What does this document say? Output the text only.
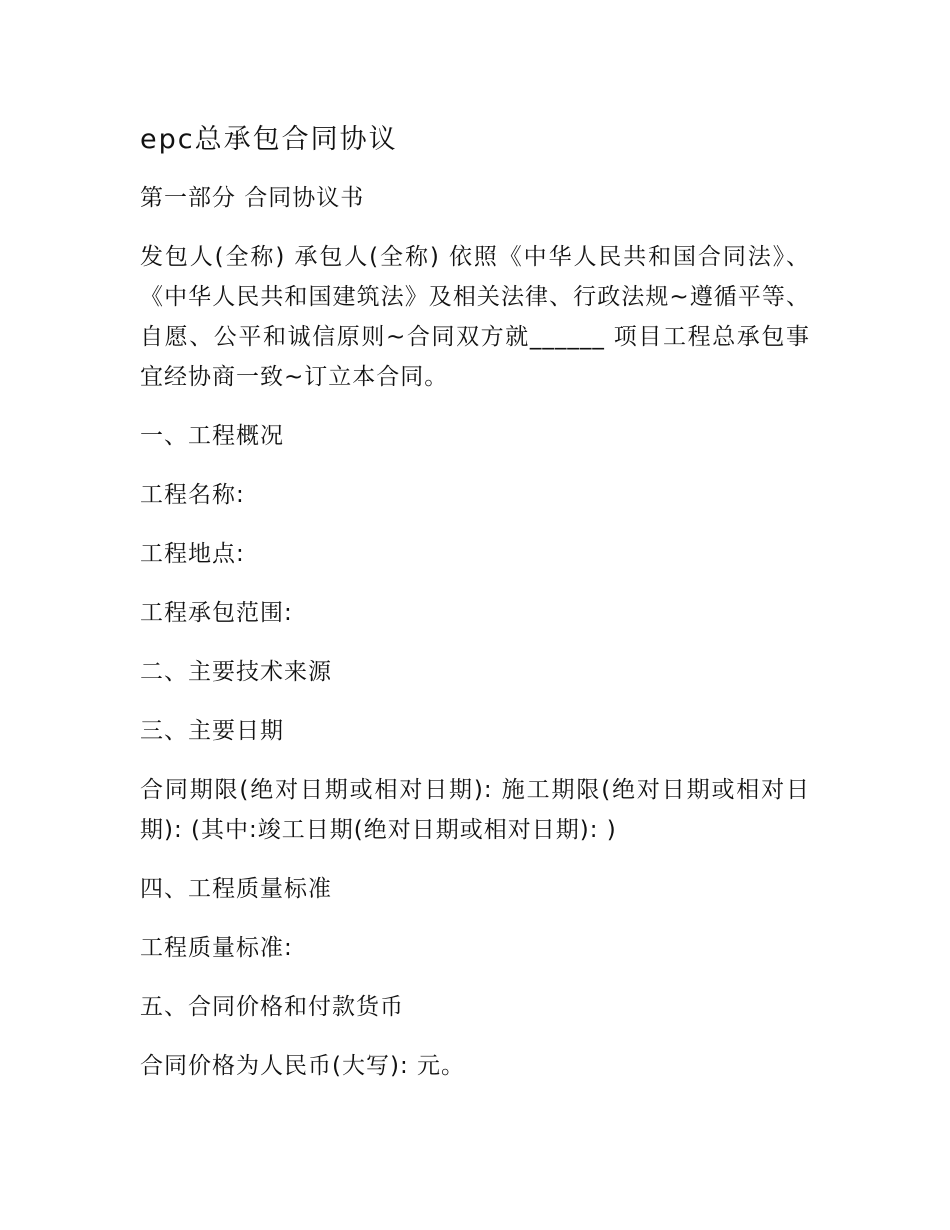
epc总承包合同协议

第一部分 合同协议书

发包人(全称) 承包人(全称) 依照《中华人民共和国合同法》、《中华人民共和国建筑法》及相关法律、行政法规~遵循平等、自愿、公平和诚信原则~合同双方就______ 项目工程总承包事宜经协商一致~订立本合同。

一、工程概况

工程名称:

工程地点:

工程承包范围:

二、主要技术来源

三、主要日期

合同期限(绝对日期或相对日期): 施工期限(绝对日期或相对日期): (其中:竣工日期(绝对日期或相对日期): )

四、工程质量标准

工程质量标准:

五、合同价格和付款货币

合同价格为人民币(大写): 元。
